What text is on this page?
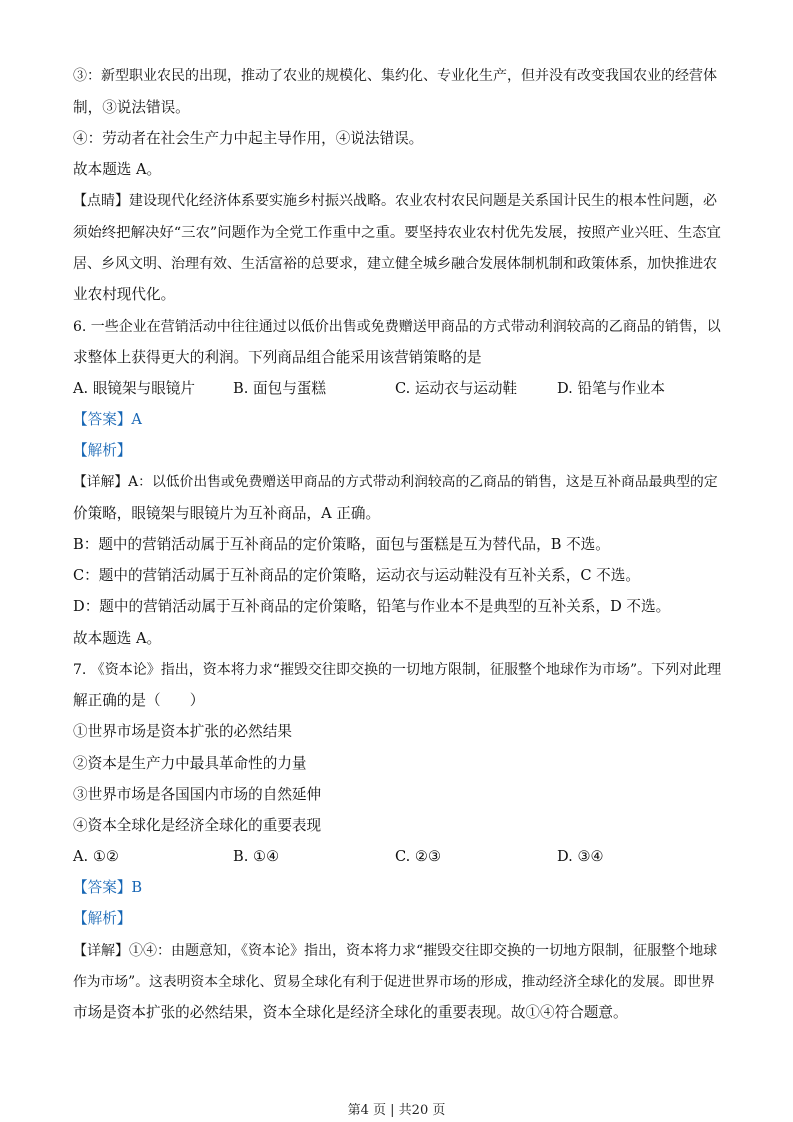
③：新型职业农民的出现，推动了农业的规模化、集约化、专业化生产，但并没有改变我国农业的经营体
制，③说法错误。
④：劳动者在社会生产力中起主导作用，④说法错误。
故本题选 A。
【点睛】建设现代化经济体系要实施乡村振兴战略。农业农村农民问题是关系国计民生的根本性问题，必
须始终把解决好“三农”问题作为全党工作重中之重。要坚持农业农村优先发展，按照产业兴旺、生态宜
居、乡风文明、治理有效、生活富裕的总要求，建立健全城乡融合发展体制机制和政策体系，加快推进农
业农村现代化。
6. 一些企业在营销活动中往往通过以低价出售或免费赠送甲商品的方式带动利润较高的乙商品的销售，以
求整体上获得更大的利润。下列商品组合能采用该营销策略的是
A. 眼镜架与眼镜片	B. 面包与蛋糕	C. 运动衣与运动鞋	D. 铅笔与作业本
【答案】A
【解析】
【详解】A：以低价出售或免费赠送甲商品的方式带动利润较高的乙商品的销售，这是互补商品最典型的定
价策略，眼镜架与眼镜片为互补商品，A 正确。
B：题中的营销活动属于互补商品的定价策略，面包与蛋糕是互为替代品，B 不选。
C：题中的营销活动属于互补商品的定价策略，运动衣与运动鞋没有互补关系，C 不选。
D：题中的营销活动属于互补商品的定价策略，铅笔与作业本不是典型的互补关系，D 不选。
故本题选 A。
7. 《资本论》指出，资本将力求“摧毁交往即交换的一切地方限制，征服整个地球作为市场”。下列对此理
解正确的是（　　）
①世界市场是资本扩张的必然结果
②资本是生产力中最具革命性的力量
③世界市场是各国国内市场的自然延伸
④资本全球化是经济全球化的重要表现
A. ①②	B. ①④	C. ②③	D. ③④
【答案】B
【解析】
【详解】①④：由题意知，《资本论》指出，资本将力求“摧毁交往即交换的一切地方限制，征服整个地球
作为市场”。这表明资本全球化、贸易全球化有利于促进世界市场的形成，推动经济全球化的发展。即世界
市场是资本扩张的必然结果，资本全球化是经济全球化的重要表现。故①④符合题意。
第4 页 | 共20 页
